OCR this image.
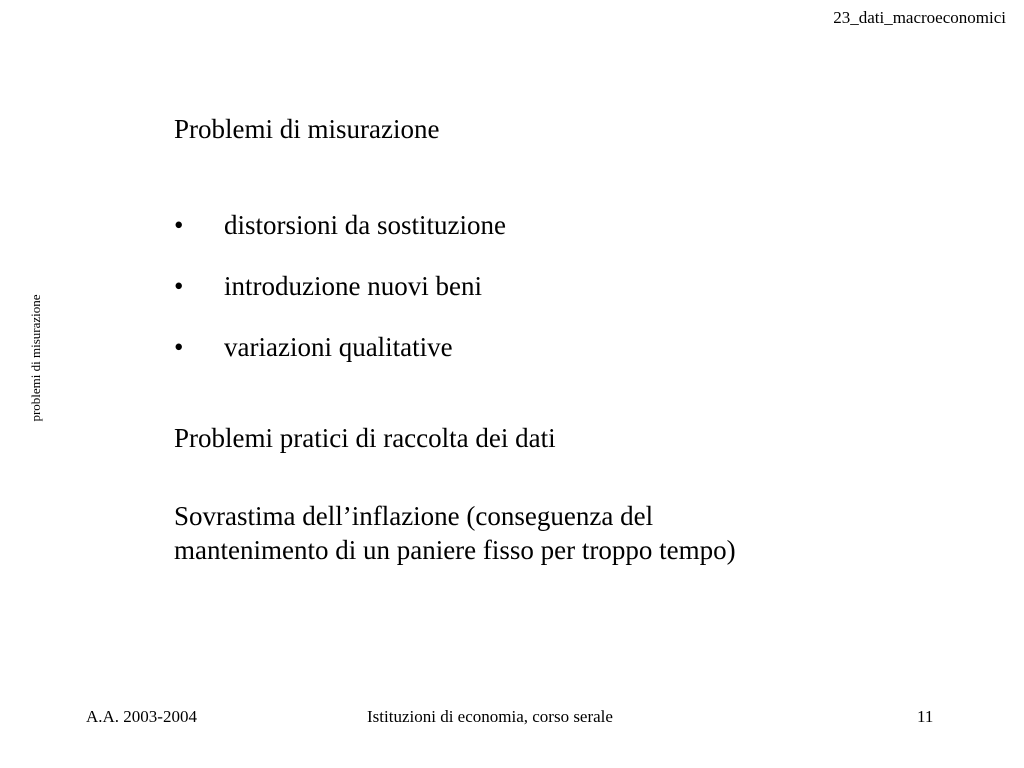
23_dati_macroeconomici
problemi di misurazione

Problemi di misurazione

• distorsioni da sostituzione
• introduzione nuovi beni
• variazioni qualitative

Problemi pratici di raccolta dei dati

Sovrastima dell’inflazione (conseguenza del
mantenimento di un paniere fisso per troppo tempo)

A.A. 2003-2004	Istituzioni di economia, corso serale	11
